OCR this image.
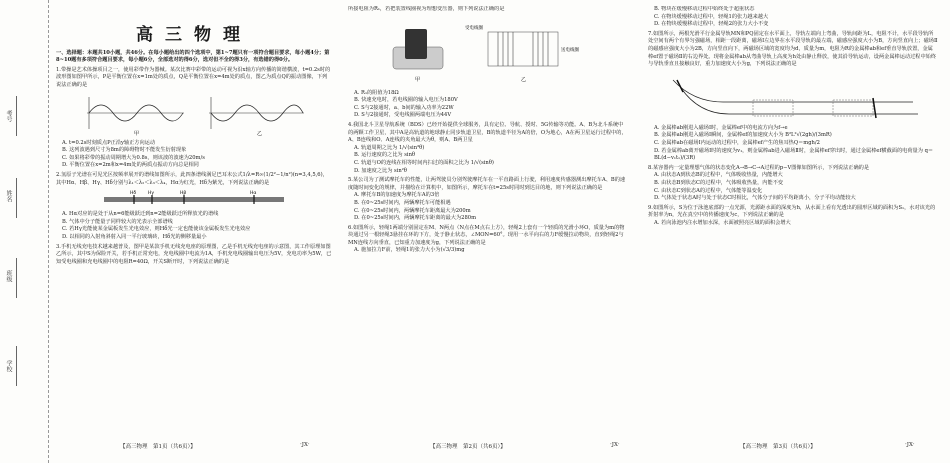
考号
姓名
班级
学校
高三物理

一、选择题：本题共10小题，共46分。在每小题给出的四个选项中，第1~7题只有一项符合题目要求，每小题4分；第8~10题有多项符合题目要求，每小题6分，全部选对的得6分，选对但不全的得3分，有选错的得0分。

1.带操是艺术体操项目之一，使用彩带作为器械。某次比赛中彩带的运动可视为沿x轴方向传播的简谐横波，t=0.2s时的波形图如图甲所示，P是平衡位置在x=1m处的质点，Q是平衡位置在x=4m处的质点，图乙为质点Q的振动图像，下列说法正确的是

甲	乙

A. t=0.2s时刻质点P正沿y轴正方向运动

B. 这列波遇到尺寸为8m的障碍物时不能发生衍射现象

C. 如果将彩带的振动周期增大为0.8s，则该波的波速为20m/s

D. 平衡位置在x=2m和x=4m处的两质点振动方向总是相同

2.氢原子光谱在可见光区按频率展开的谱线如图所示，此四条谱线满足巴耳末公式1/λ=R∞(1/2²−1/n²)(n=3,4,5,6)，其中Hα、Hβ、Hγ、Hδ分别与λ₁＜λ₂＜λ₃＜λ₄，Hα为红光，Hδ为紫光，下列说法正确的是

Hδ	Hγ	Hβ	Hα

A. Hα对应的是处于从n=6能级跃迁到n=2能级跃迁所释放光的谱线

B. 气体中分子能量子同样较大的光表示全部谱线

C. 若Hγ光能使某金属板发生光电效应，则Hδ光一定也能使该金属板发生光电效应

D. 以相同的入射角斜射入同一平行玻璃砖，Hδ光的侧移量最小

3.手机无线充电技术越来越普及，图甲是某款手机无线充电座的原理图，乙是手机无线充电座的示意图，其工作原理如图乙所示，其中S为保险开关，若手机正常充电，充电线圈中电流为1A，手机充电线圈输出电压为5V，充电功率为5W，已知受电线圈和充电线圈中的电阻R=40Ω，开关S断开时，下列说法正确的是

所接电阻为R₁，若把装置线圈视为理想变压器，则下列说法正确的是

甲
受电线圈
送电线圈
乙

A. R₁的阻值为18Ω

B. 快速充电时，若电线圈的输入电压为180V

C. S与2接通时，a、b间的输入功率为22W

D. S与2接通时，受电线圈两端电压为44V

4.我国北斗卫星导航系统（BDS）已经开始提供全球服务，具有定位、导航、授时、5G传输等功能。A、B为北斗系统中的两颗工作卫星，其中A是高轨道的地球静止同步轨道卫星，B的轨道半径为A的倍，O为地心，A在两卫星运行过程中的，A、B连线和O、A连线的夹角最大为θ，则A、B两卫星

A. 轨道周期之比为 1/√(sin³θ)

B. 运行速度的之比为 sinθ

C. 轨道与O的连线在相等时间内扫过的面积之比为 1/√(sinθ)

D. 加速度之比为 sin²θ

5.某公司为了测试摩托车的性能，让两驾驶员分别驾驶摩托车在一平直路面上行驶，利用速度传感器测出摩托车A、B的速度随时间变化的规律，并描绘在计算机中，如图所示，摩托车在t=25s时同时到达目的地，则下列说法正确的是

A. 摩托车B的加速度为摩托车A的3倍

B. 在0~25s时间内，两辆摩托车可能相遇

C. 在0~25s时间内，两辆摩托车距离最大为200m

D. 在0~25s时间内，两辆摩托车距离的最大为280m

6.如图所示，轻绳1两端分别固定在M、N两点（N点在M点右上方），轻绳2上套有一个轻质的光滑小环O，质量为m的物块通过另一根轻绳3悬挂在环的下方，处于静止状态，∠MON=60°。现用一水平向右的力F缓慢拉动物块，直到轻绳2与MN连线方向垂直，已知重力加速度为g，下列说法正确的是

A. 施加拉力F前，轻绳1的张力大小为(√3/3)mg

B. 物块在缓慢移动过程中始终处于超重状态

C. 在物块缓慢移动过程中，轻绳1的张力越来越大

D. 在物块缓慢移动过程中，轻绳2的张力大小不变

7.如图所示，两根光滑平行金属导轨MN和PQ固定在水平面上，导轨左端向上弯曲，导轨间距为L，电阻不计，水平段导轨所处空间有两个有界匀强磁场，相距一段距离，磁场Ⅰ左边界在水平段导轨的最左端，磁感应强度大小为B，方向竖直向上；磁场Ⅱ的磁感应强度大小为2B，方向竖直向下，两磁场区域的宽度均为d，质量为m，电阻为R的金属棒ab和ef垂直导轨放置，金属棒ef置于磁场Ⅱ的右边界处。现将金属棒ab从弯曲导轨上高度为h处由静止释放，使其沿导轨运动，设两金属棒运动过程中始终与导轨垂直且接触良好，重力加速度大小为g，下列说法正确的是

A. 金属棒ab刚进入磁场Ⅰ时，金属棒ef中的电流方向为f→e

B. 金属棒ab刚进入磁场Ⅰ瞬间，金属棒ef的加速度大小为 B²L²√(2gh)/(3mR)

C. 金属棒ab在磁场Ⅰ内运动的过程中，金属棒ef产生的焦耳热Q＝mgh/2

D. 若金属棒ab离开磁场Ⅰ时的速度为v₁，则金属棒ab进入磁场Ⅱ时，金属棒ef穿出时，通过金属棒ef横截面的电荷量为 q＝BL(d−v₁t₁)/(3R)

8.某容器内一定量理想气体的状态变化A→B→C→A过程的p−V图像如图所示，下列说法正确的是

A. 由状态A到状态B的过程中，气体吸收热量，内能增大

B. 由状态B到状态C的过程中，气体吸收热量，内能不变

C. 由状态C到状态A的过程中，气体能等温变化

D. 气体处于状态A时与处于状态C时相比，气体分子间的平均距离小，分子平均动能较大

9.如图所示，S为位于泳池底部的一点光源，光源距水面的深度为h，从水面上看有光透出的圆形区域的面积为S₁，水对该光的折射率为n，光在真空中的传播速度为c，下列说法正确的是

A. 若向泳池内注水增加水深，水面被照亮区域的面积会增大

【高三物理　第1页（共6页）】	·JX·	【高三物理　第2页（共6页）】	·JX·	【高三物理　第3页（共6页）】	·JX·
